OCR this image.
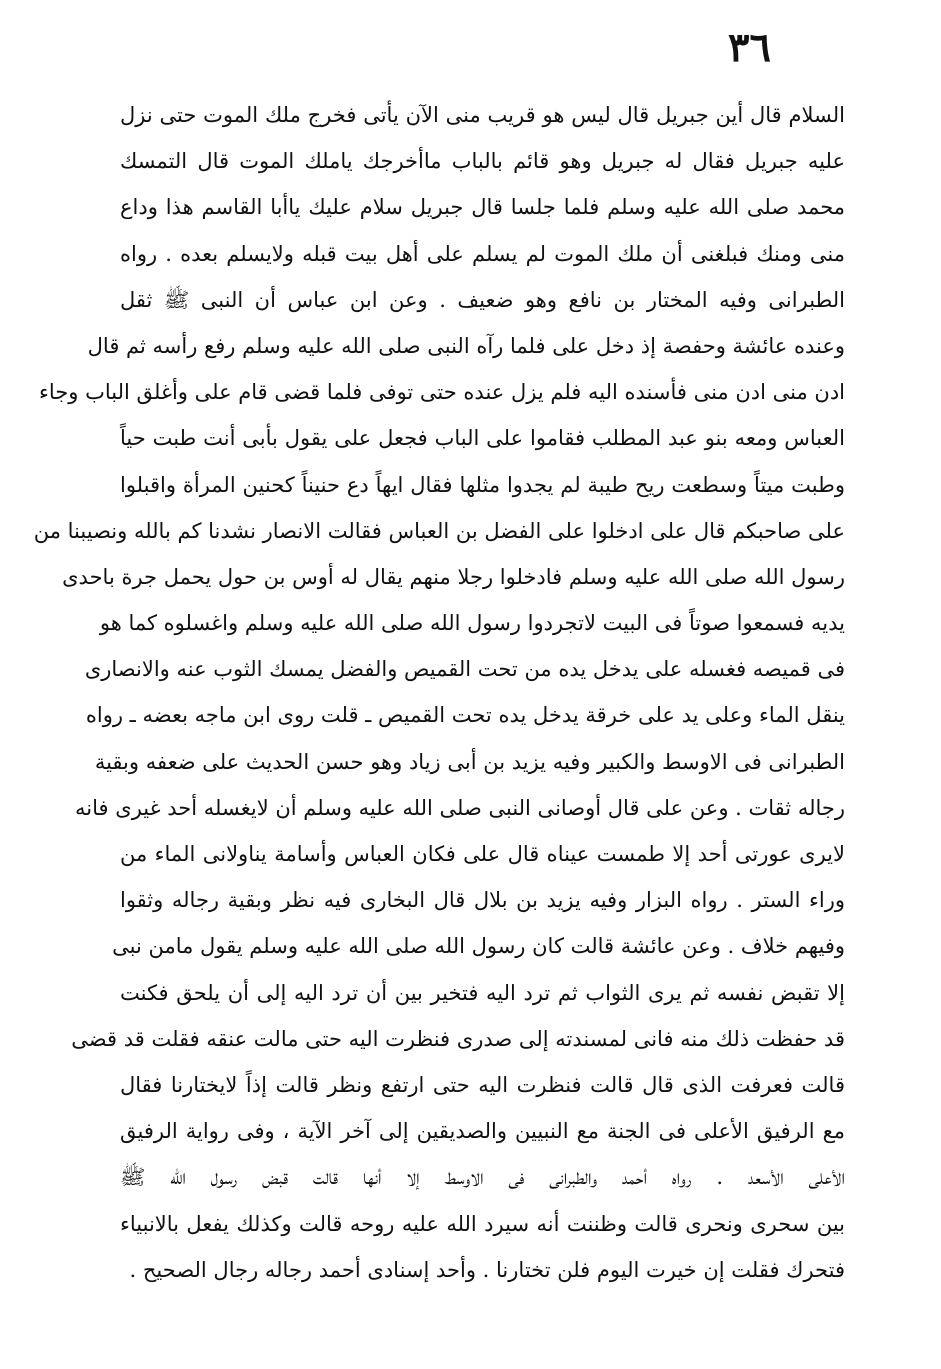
٣٦
السلام قال أين جبريل قال ليس هو قريب منى الآن يأتى فخرج ملك الموت حتى نزل
عليه جبريل فقال له جبريل وهو قائم بالباب ماأخرجك ياملك الموت قال التمسك
محمد صلى الله عليه وسلم فلما جلسا قال جبريل سلام عليك ياأبا القاسم هذا وداع
منى ومنك فبلغنى أن ملك الموت لم يسلم على أهل بيت قبله ولايسلم بعده . رواه
الطبرانى وفيه المختار بن نافع وهو ضعيف . وعن ابن عباس أن النبى ﷺ ثقل
وعنده عائشة وحفصة إذ دخل على فلما رآه النبى صلى الله عليه وسلم رفع رأسه ثم قال
ادن منى ادن منى فأسنده اليه فلم يزل عنده حتى توفى فلما قضى قام على وأغلق الباب وجاء
العباس ومعه بنو عبد المطلب فقاموا على الباب فجعل على يقول بأبى أنت طبت حياً
وطبت ميتاً وسطعت ريح طيبة لم يجدوا مثلها فقال ايهاً دع حنيناً كحنين المرأة واقبلوا
على صاحبكم قال على ادخلوا على الفضل بن العباس فقالت الانصار نشدنا كم بالله ونصيبنا من
رسول الله صلى الله عليه وسلم فادخلوا رجلا منهم يقال له أوس بن حول يحمل جرة باحدى
يديه فسمعوا صوتاً فى البيت لاتجردوا رسول الله صلى الله عليه وسلم واغسلوه كما هو
فى قميصه فغسله على يدخل يده من تحت القميص والفضل يمسك الثوب عنه والانصارى
ينقل الماء وعلى يد على خرقة يدخل يده تحت القميص ـ قلت روى ابن ماجه بعضه ـ رواه
الطبرانى فى الاوسط والكبير وفيه يزيد بن أبى زياد وهو حسن الحديث على ضعفه وبقية
رجاله ثقات . وعن على قال أوصانى النبى صلى الله عليه وسلم أن لايغسله أحد غيرى فانه
لايرى عورتى أحد إلا طمست عيناه قال على فكان العباس وأسامة يناولانى الماء من
وراء الستر . رواه البزار وفيه يزيد بن بلال قال البخارى فيه نظر وبقية رجاله وثقوا
وفيهم خلاف . وعن عائشة قالت كان رسول الله صلى الله عليه وسلم يقول مامن نبى
إلا تقبض نفسه ثم يرى الثواب ثم ترد اليه فتخير بين أن ترد اليه إلى أن يلحق فكنت
قد حفظت ذلك منه فانى لمسندته إلى صدرى فنظرت اليه حتى مالت عنقه فقلت قد قضى
قالت فعرفت الذى قال قالت فنظرت اليه حتى ارتفع ونظر قالت إذاً لايختارنا فقال
مع الرفيق الأعلى فى الجنة مع النبيين والصديقين إلى آخر الآية ، وفى رواية الرفيق
الأعلى الأسعد . رواه أحمد والطبرانى فى الاوسط إلا أنها قالت قبض رسول الله ﷺ
بين سحرى ونحرى قالت وظننت أنه سيرد الله عليه روحه قالت وكذلك يفعل بالانبياء
فتحرك فقلت إن خيرت اليوم فلن تختارنا . وأحد إسنادى أحمد رجاله رجال الصحيح .
